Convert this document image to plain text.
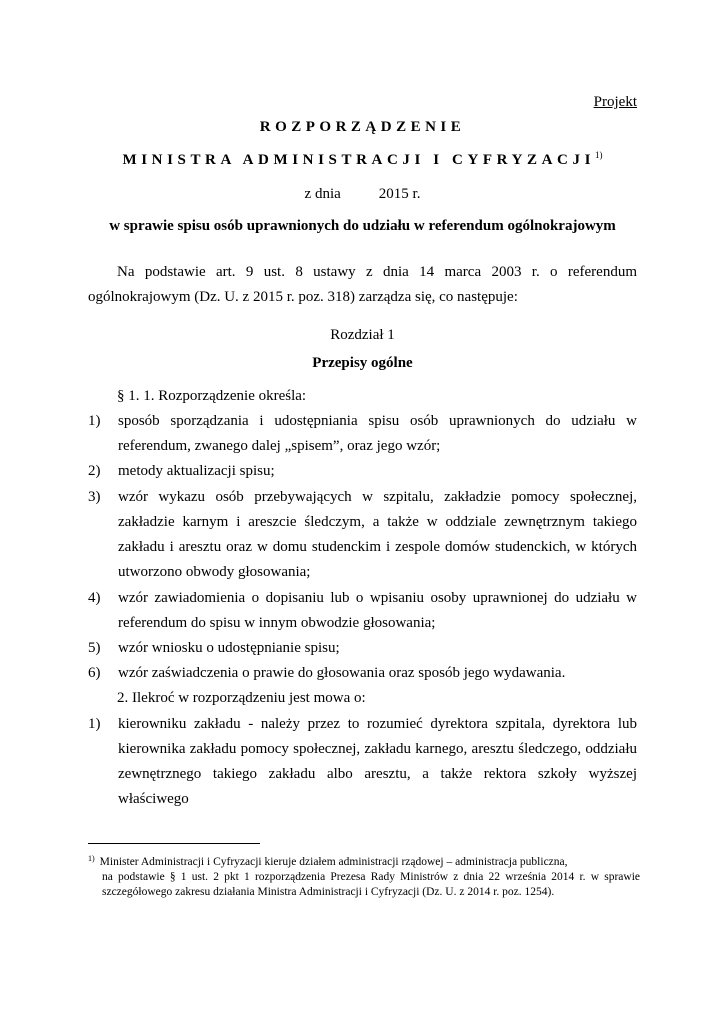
Projekt
ROZPORZĄDZENIE
MINISTRA ADMINISTRACJI I CYFRYZACJI$^{1)}$
z dnia	2015 r.
w sprawie spisu osób uprawnionych do udziału w referendum ogólnokrajowym
Na podstawie art. 9 ust. 8 ustawy z dnia 14 marca 2003 r. o referendum ogólnokrajowym (Dz. U. z 2015 r. poz. 318) zarządza się, co następuje:
Rozdział 1
Przepisy ogólne
§ 1. 1. Rozporządzenie określa:
1) sposób sporządzania i udostępniania spisu osób uprawnionych do udziału w referendum, zwanego dalej „spisem”, oraz jego wzór;
2) metody aktualizacji spisu;
3) wzór wykazu osób przebywających w szpitalu, zakładzie pomocy społecznej, zakładzie karnym i areszcie śledczym, a także w oddziale zewnętrznym takiego zakładu i aresztu oraz w domu studenckim i zespole domów studenckich, w których utworzono obwody głosowania;
4) wzór zawiadomienia o dopisaniu lub o wpisaniu osoby uprawnionej do udziału w referendum do spisu w innym obwodzie głosowania;
5) wzór wniosku o udostępnianie spisu;
6) wzór zaświadczenia o prawie do głosowania oraz sposób jego wydawania.
2. Ilekroć w rozporządzeniu jest mowa o:
1) kierowniku zakładu - należy przez to rozumieć dyrektora szpitala, dyrektora lub kierownika zakładu pomocy społecznej, zakładu karnego, aresztu śledczego, oddziału zewnętrznego takiego zakładu albo aresztu, a także rektora szkoły wyższej właściwego
$^{1)}$ Minister Administracji i Cyfryzacji kieruje działem administracji rządowej – administracja publiczna,
na podstawie § 1 ust. 2 pkt 1 rozporządzenia Prezesa Rady Ministrów z dnia 22 września 2014 r. w sprawie szczegółowego zakresu działania Ministra Administracji i Cyfryzacji (Dz. U. z 2014 r. poz. 1254).
